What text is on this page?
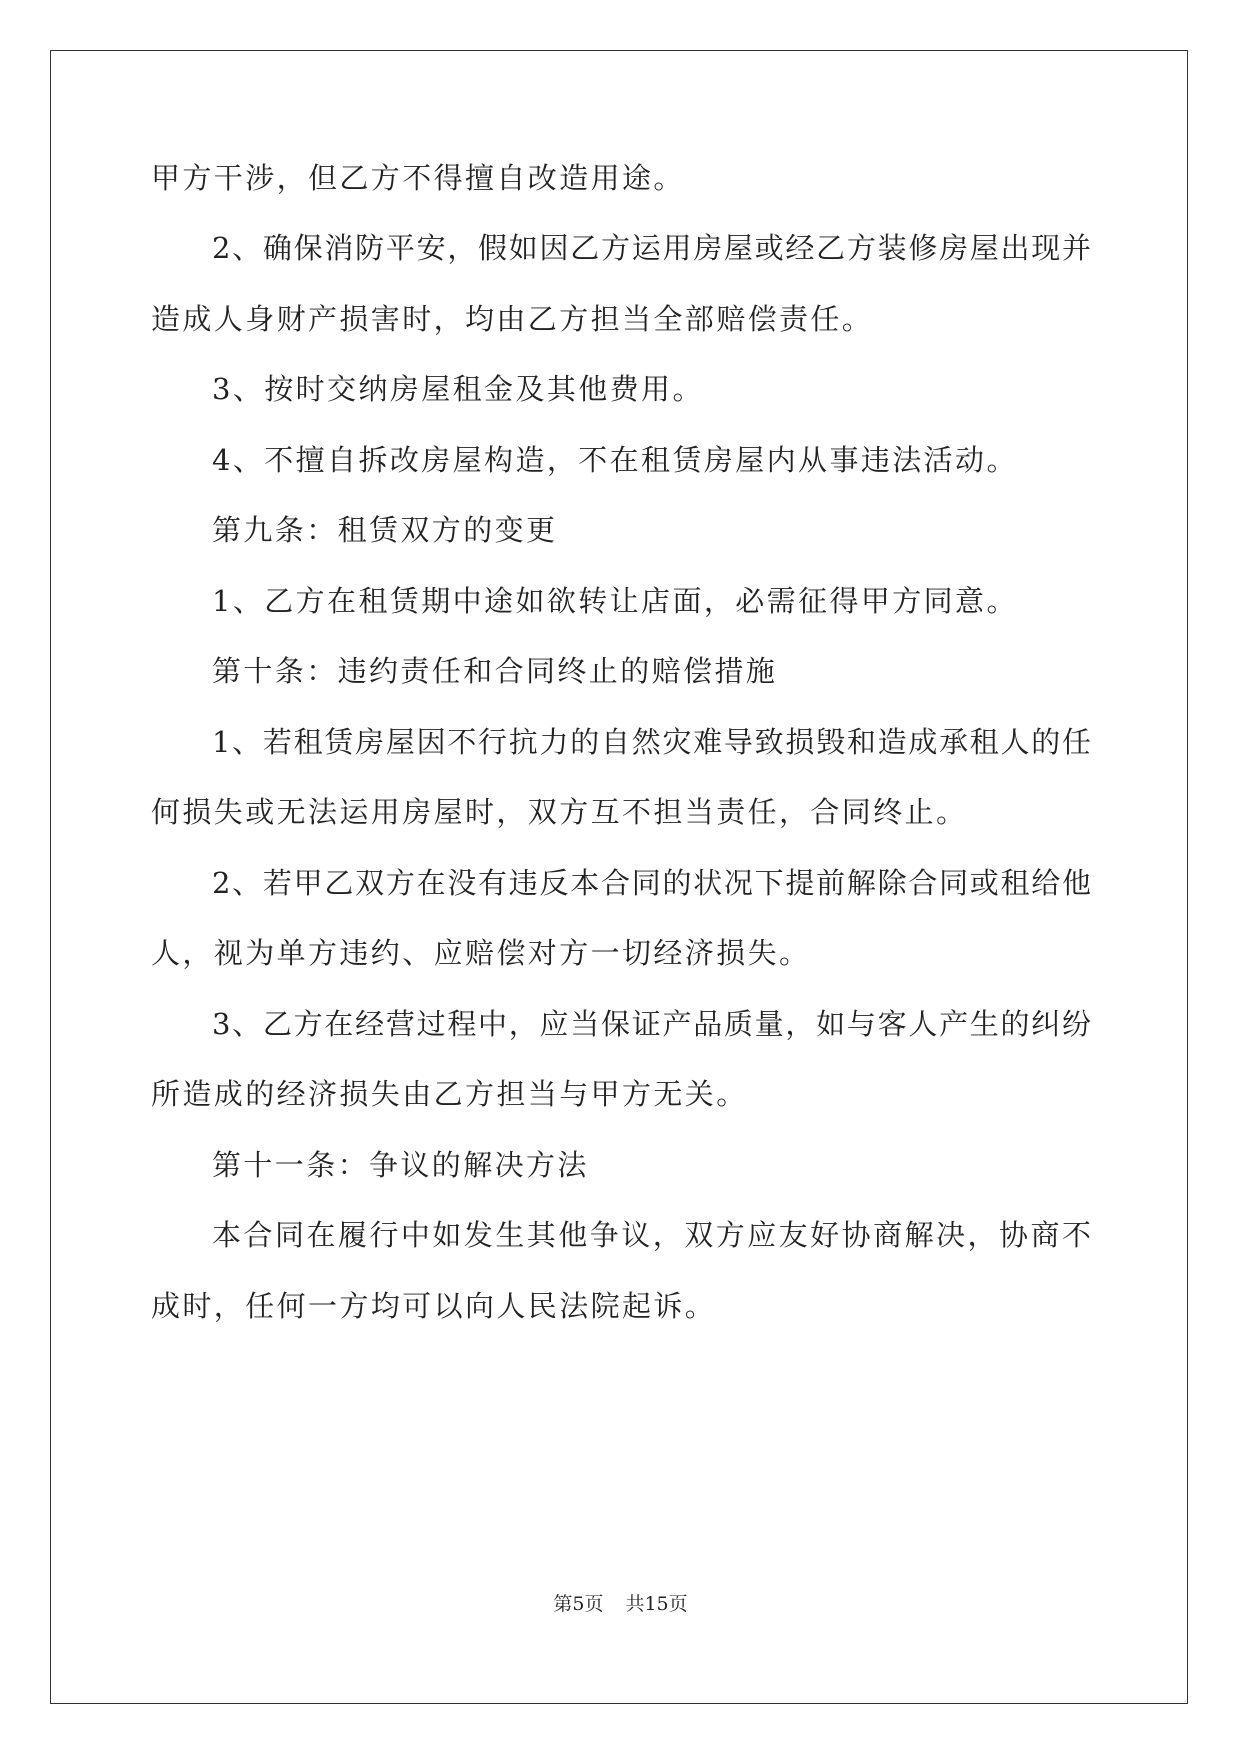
甲方干涉，但乙方不得擅自改造用途。
2、确保消防平安，假如因乙方运用房屋或经乙方装修房屋出现并
造成人身财产损害时，均由乙方担当全部赔偿责任。
3、按时交纳房屋租金及其他费用。
4、不擅自拆改房屋构造，不在租赁房屋内从事违法活动。
第九条：租赁双方的变更
1、乙方在租赁期中途如欲转让店面，必需征得甲方同意。
第十条：违约责任和合同终止的赔偿措施
1、若租赁房屋因不行抗力的自然灾难导致损毁和造成承租人的任
何损失或无法运用房屋时，双方互不担当责任，合同终止。
2、若甲乙双方在没有违反本合同的状况下提前解除合同或租给他
人，视为单方违约、应赔偿对方一切经济损失。
3、乙方在经营过程中，应当保证产品质量，如与客人产生的纠纷
所造成的经济损失由乙方担当与甲方无关。
第十一条：争议的解决方法
本合同在履行中如发生其他争议，双方应友好协商解决，协商不
成时，任何一方均可以向人民法院起诉。
第5页 共15页
